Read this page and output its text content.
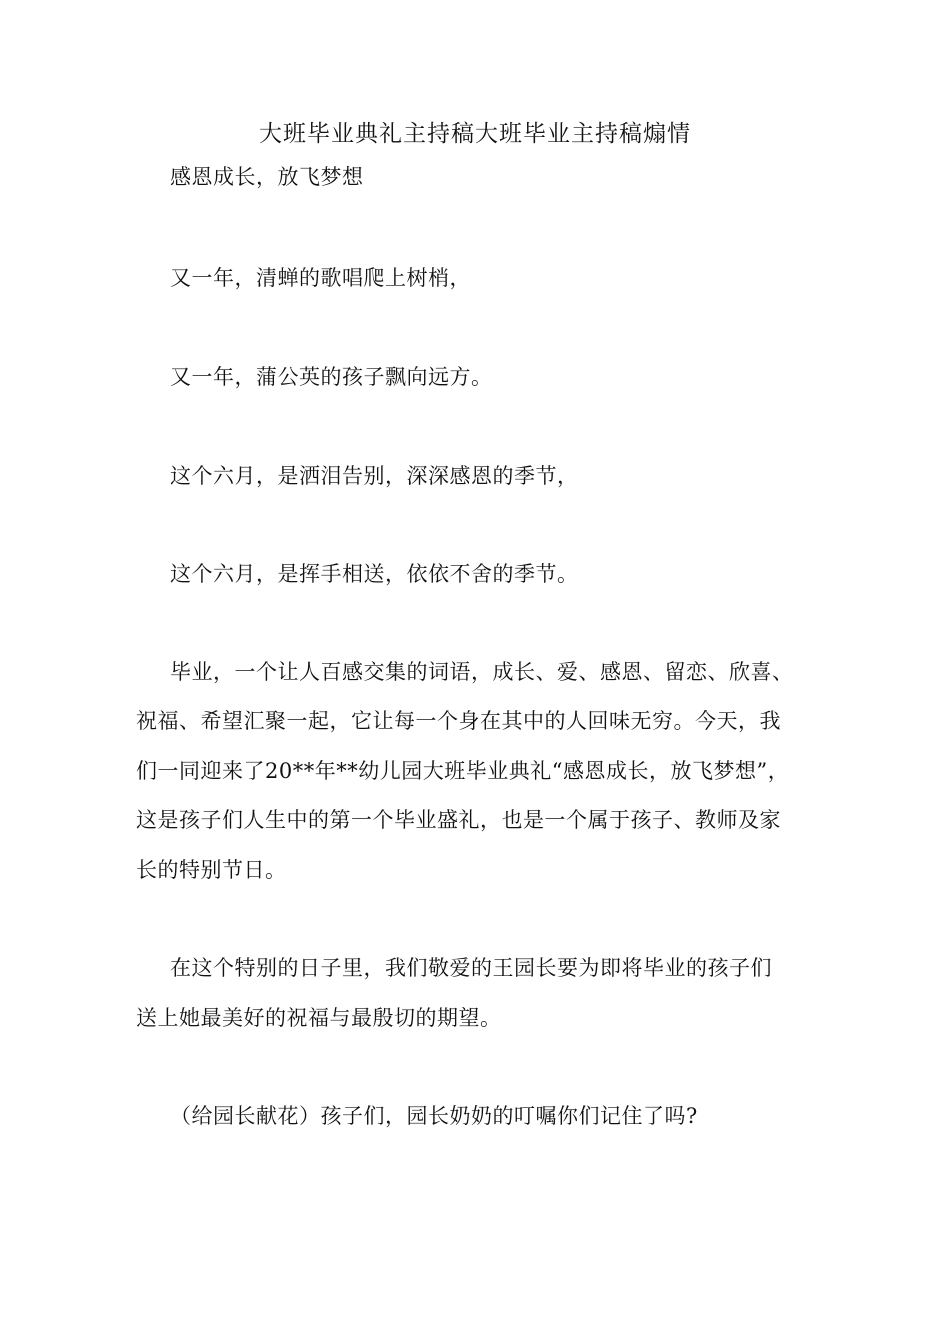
大班毕业典礼主持稿大班毕业主持稿煽情
感恩成长，放飞梦想
又一年，清蝉的歌唱爬上树梢，
又一年，蒲公英的孩子飘向远方。
这个六月，是洒泪告别，深深感恩的季节，
这个六月，是挥手相送，依依不舍的季节。
毕业，一个让人百感交集的词语，成长、爱、感恩、留恋、欣喜、
祝福、希望汇聚一起，它让每一个身在其中的人回味无穷。今天，我
们一同迎来了20**年**幼儿园大班毕业典礼“感恩成长，放飞梦想”，
这是孩子们人生中的第一个毕业盛礼，也是一个属于孩子、教师及家
长的特别节日。
在这个特别的日子里，我们敬爱的王园长要为即将毕业的孩子们
送上她最美好的祝福与最殷切的期望。
（给园长献花）孩子们，园长奶奶的叮嘱你们记住了吗?
